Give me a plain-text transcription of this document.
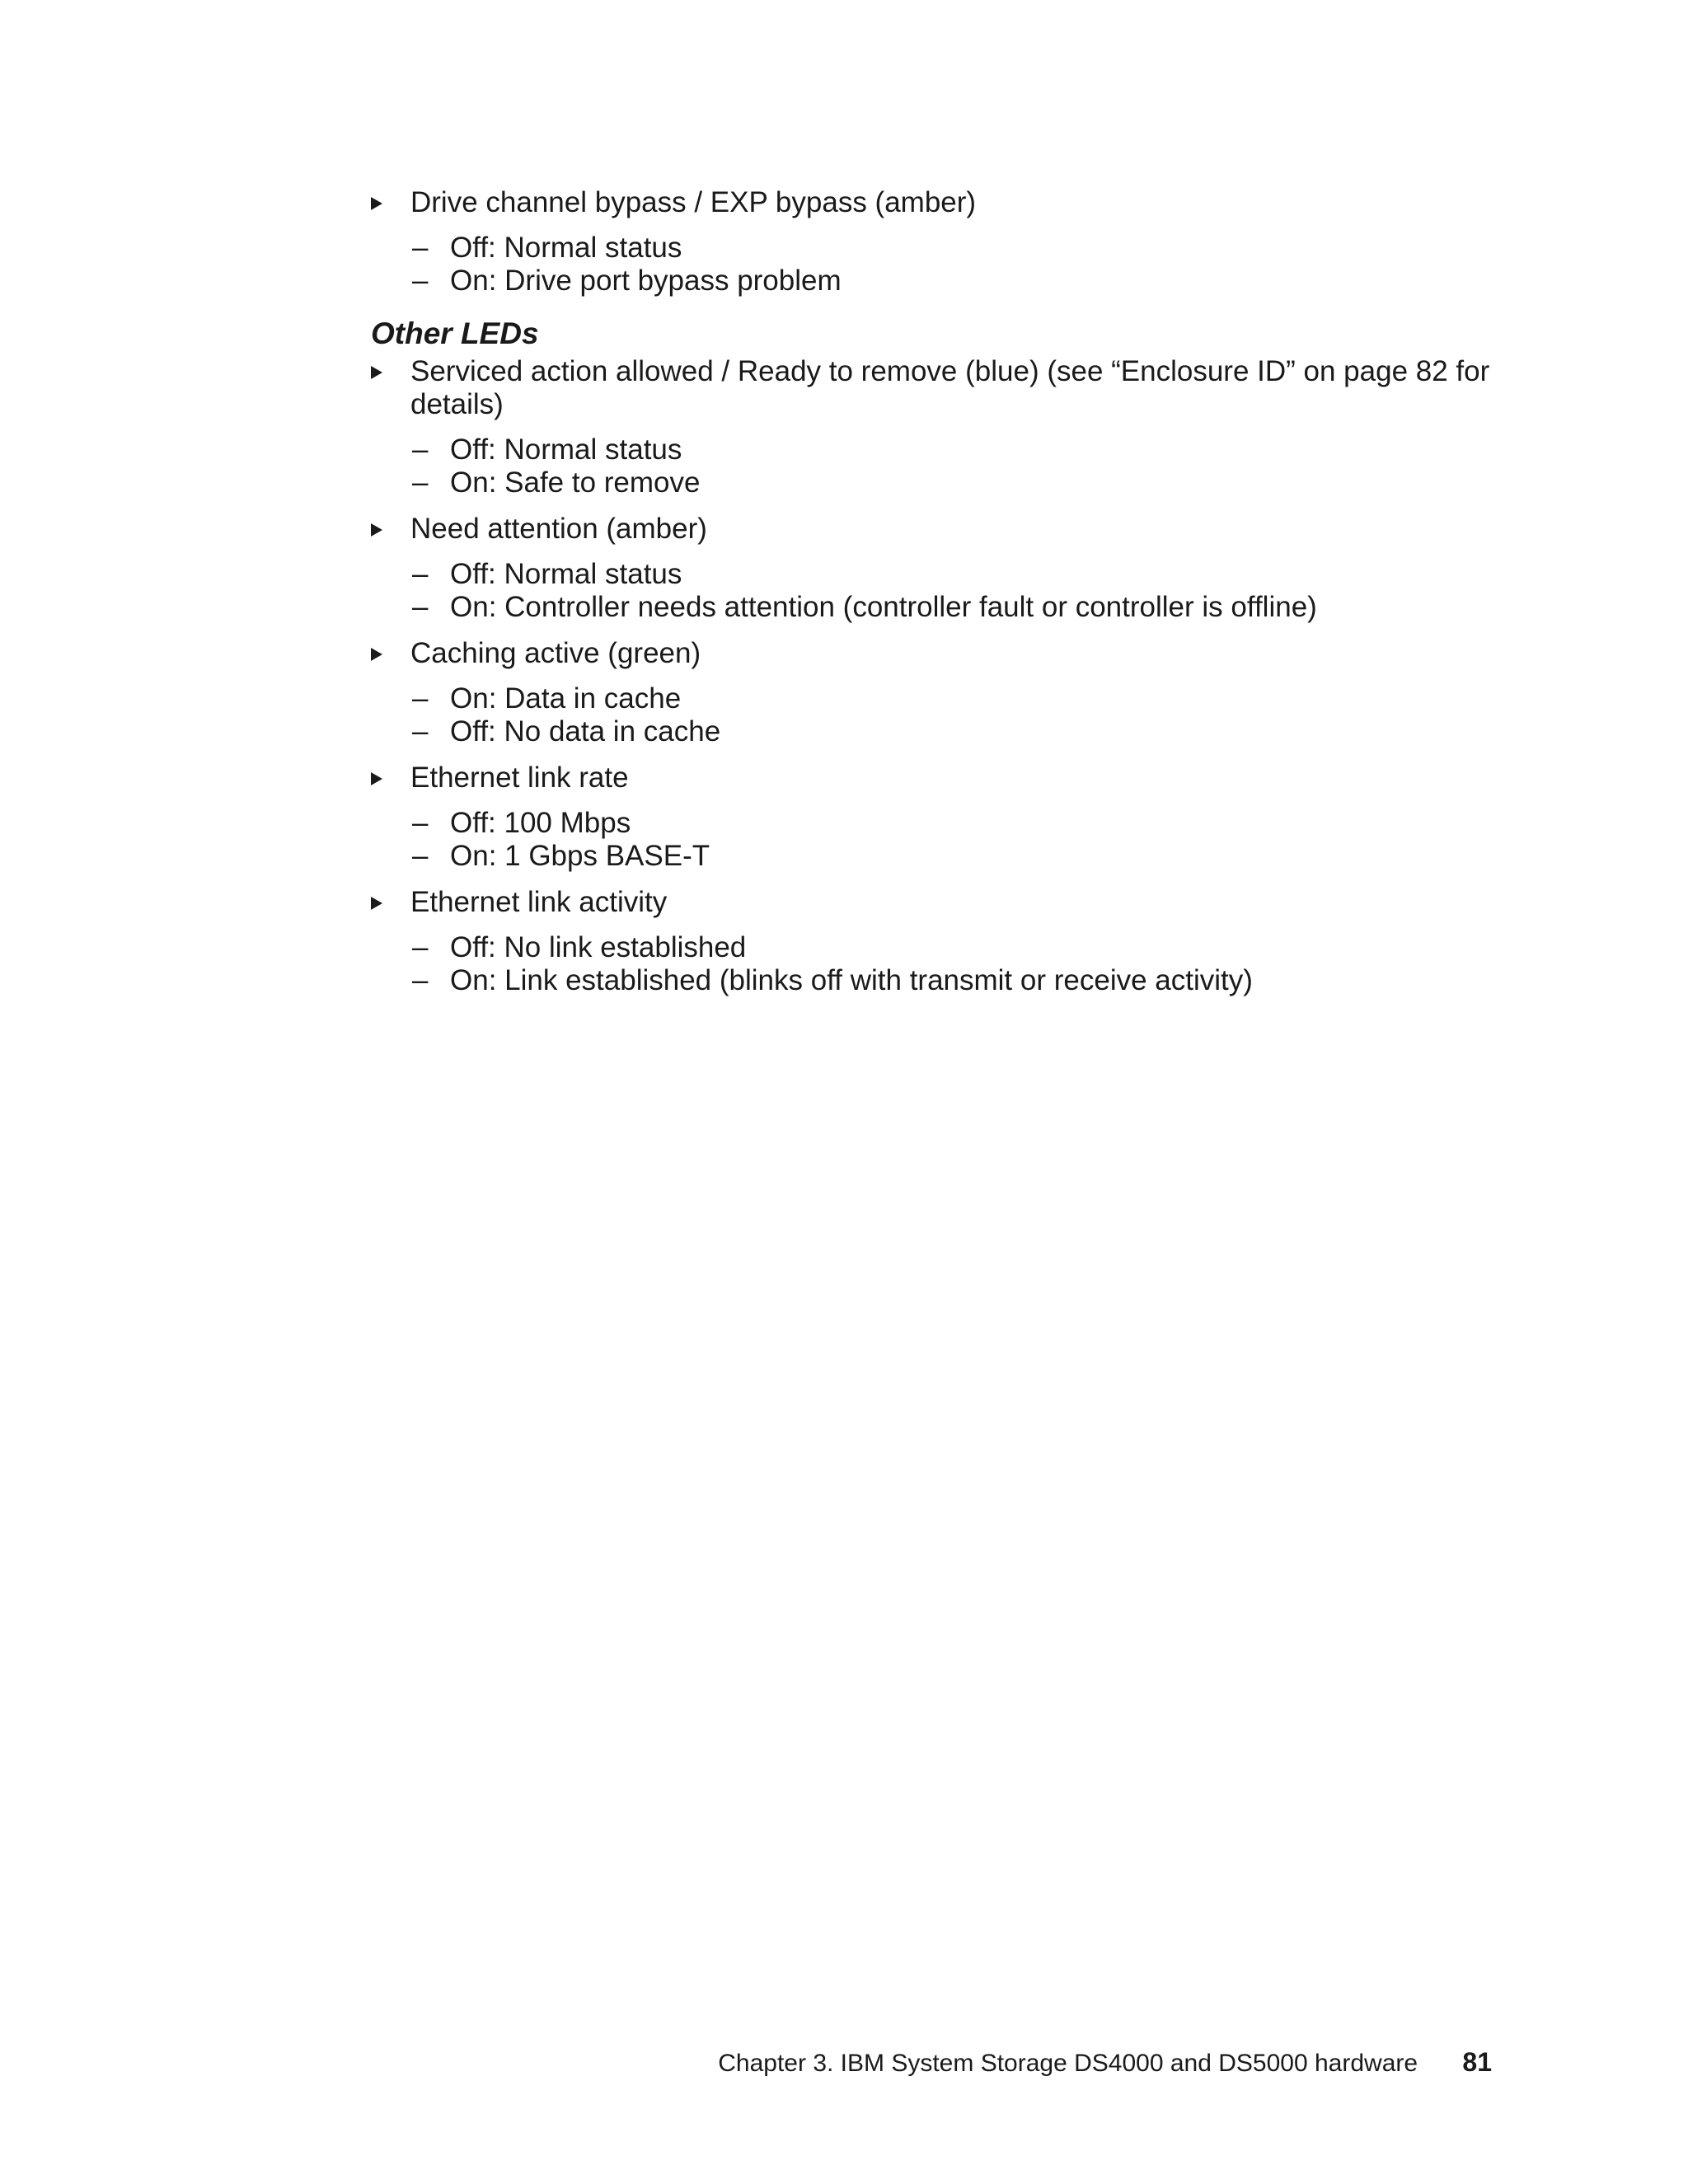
Drive channel bypass / EXP bypass (amber)
– Off: Normal status
– On: Drive port bypass problem
Other LEDs
Serviced action allowed / Ready to remove (blue) (see “Enclosure ID” on page 82 for details)
– Off: Normal status
– On: Safe to remove
Need attention (amber)
– Off: Normal status
– On: Controller needs attention (controller fault or controller is offline)
Caching active (green)
– On: Data in cache
– Off: No data in cache
Ethernet link rate
– Off: 100 Mbps
– On: 1 Gbps BASE-T
Ethernet link activity
– Off: No link established
– On: Link established (blinks off with transmit or receive activity)
Chapter 3. IBM System Storage DS4000 and DS5000 hardware 81
